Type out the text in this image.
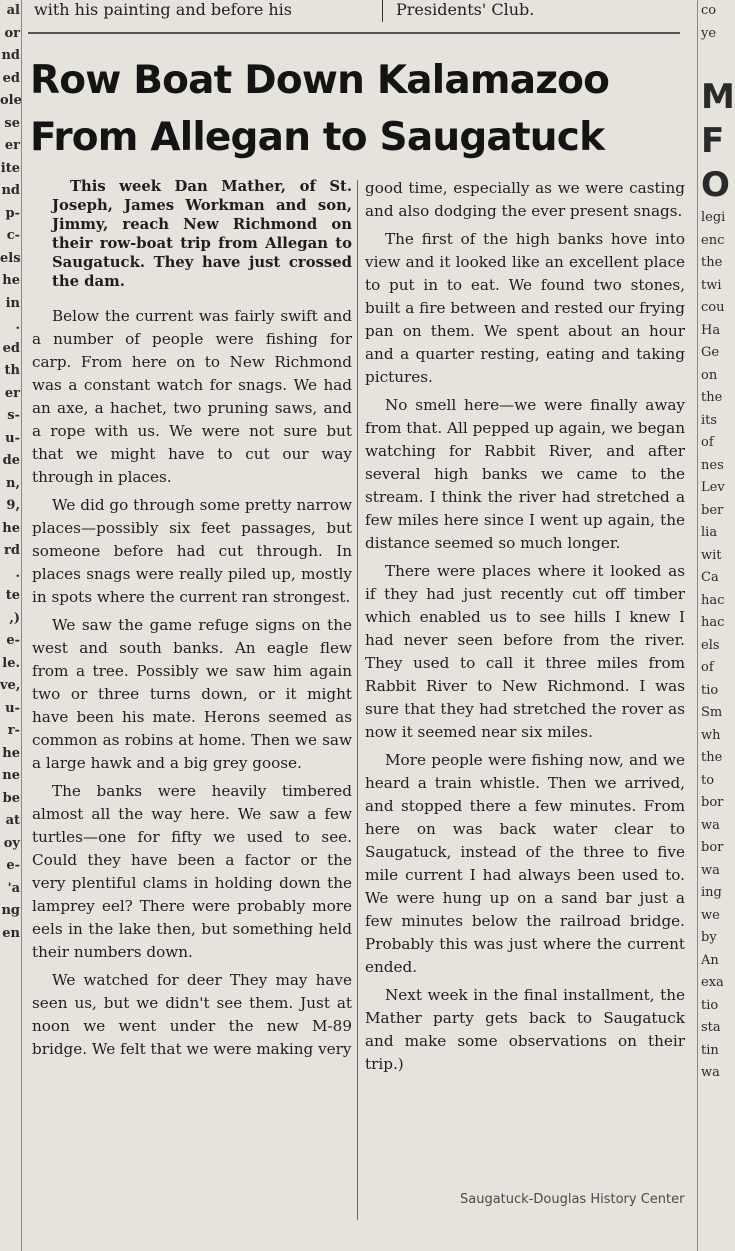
al
or
nd
ed
ole
se
er
ite
nd
p-
c-
els
he
in
.
ed
th
er
s-
u-
de
n,
9,
he
rd
.
te
,)
e-
le.
ve,
u-
r-
he
ne
be
at
oy
e-
'a
ng
en
with his painting and before his	Presidents' Club.
Row Boat Down Kalamazoo
From Allegan to Saugatuck

This week Dan Mather, of St. Joseph, James Workman and son, Jimmy, reach New Richmond on their row-boat trip from Allegan to Saugatuck. They have just crossed the dam.

Below the current was fairly swift and a number of people were fishing for carp. From here on to New Richmond was a constant watch for snags. We had an axe, a hachet, two pruning saws, and a rope with us. We were not sure but that we might have to cut our way through in places.

We did go through some pretty narrow places—possibly six feet passages, but someone before had cut through. In places snags were really piled up, mostly in spots where the current ran strongest.

We saw the game refuge signs on the west and south banks. An eagle flew from a tree. Possibly we saw him again two or three turns down, or it might have been his mate. Herons seemed as common as robins at home. Then we saw a large hawk and a big grey goose.

The banks were heavily timbered almost all the way here. We saw a few turtles—one for fifty we used to see. Could they have been a factor or the very plentiful clams in holding down the lamprey eel? There were probably more eels in the lake then, but something held their numbers down.

We watched for deer They may have seen us, but we didn't see them. Just at noon we went under the new M-89 bridge. We felt that we were making very

good time, especially as we were casting and also dodging the ever present snags.

The first of the high banks hove into view and it looked like an excellent place to put in to eat. We found two stones, built a fire between and rested our frying pan on them. We spent about an hour and a quarter resting, eating and taking pictures.

No smell here—we were finally away from that. All pepped up again, we began watching for Rabbit River, and after several high banks we came to the stream. I think the river had stretched a few miles here since I went up again, the distance seemed so much longer.

There were places where it looked as if they had just recently cut off timber which enabled us to see hills I knew I had never seen before from the river. They used to call it three miles from Rabbit River to New Richmond. I was sure that they had stretched the rover as now it seemed near six miles.

More people were fishing now, and we heard a train whistle. Then we arrived, and stopped there a few minutes. From here on was back water clear to Saugatuck, instead of the three to five mile current I had always been used to. We were hung up on a sand bar just a few minutes below the railroad bridge. Probably this was just where the current ended.

Next week in the final installment, the Mather party gets back to Saugatuck and make some observations on their trip.)

co
ye
M
F
O
legi
enc
the
twi
cou
Ha
Ge
on
the
its
of
nes
Lev
ber
lia
wit
Ca
hac
hac
els
of
tio
Sm
wh
the
to
bor
wa
bor
wa
ing
we
by
An
exa
tio
sta
tin
wa
Saugatuck-Douglas History Center
